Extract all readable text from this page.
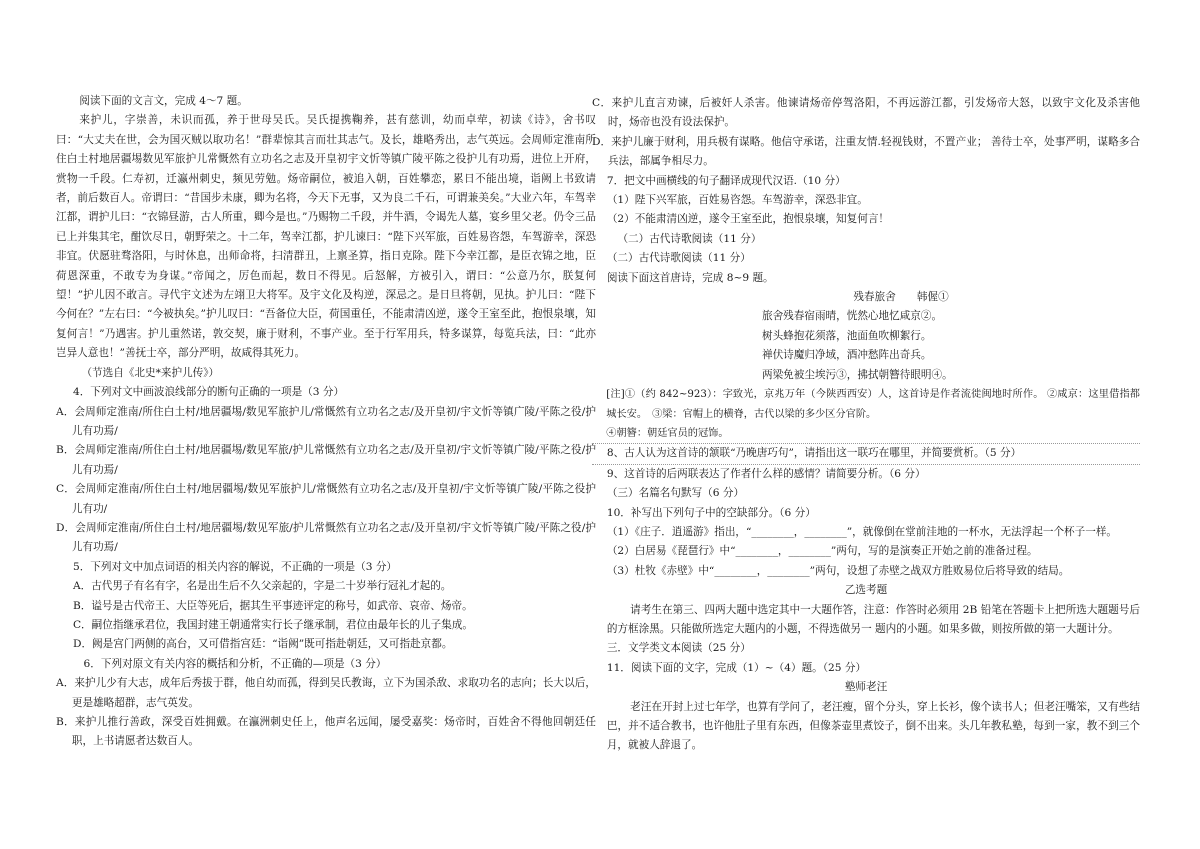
阅读下面的文言文，完成 4～7 题。

来护儿，字崇善，未识而孤，养于世母吴氏。吴氏提携鞠养，甚有慈训，幼而卓荦，初读《诗》，舍书叹曰：“大丈夫在世，会为国灭贼以取功名！”群辈惊其言而壮其志气。及长，雄略秀出，志气英远。会周师定淮南所住白土村地居疆埸数见军旅护儿常慨然有立功名之志及开皇初宇文忻等镇广陵平陈之役护儿有功焉，进位上开府，赏物一千段。仁寿初，迁瀛州刺史，频见劳勉。炀帝嗣位，被追入朝，百姓攀恋，累日不能出境，诣阙上书致请者，前后数百人。帝谓曰：“昔国步未康，卿为名将，今天下无事，又为良二千石，可谓兼美矣。”大业六年，车驾幸江都，谓护儿曰：“衣锦昼游，古人所重，卿今是也。”乃赐物二千段，并牛酒，令谒先人墓，宴乡里父老。仍令三品已上并集其宅，酣饮尽日，朝野荣之。十二年，驾幸江都，护儿谏曰：“陛下兴军旅，百姓易咨怨，车驾游幸，深恐非宜。伏愿驻骛洛阳，与时休息，出师命将，扫清群丑，上禀圣算，指日克除。陛下今幸江都，是臣衣锦之地，臣荷恩深重，不敢专为身谋。”帝闻之，厉色而起，数日不得见。后怒解，方被引入，谓曰：“公意乃尔，朕复何望！”护儿因不敢言。寻代宇文述为左翊卫大将军。及宇文化及构逆，深忌之。是日旦将朝，见执。护儿曰：“陛下今何在？”左右曰：“今被执矣。”护儿叹曰：“吾备位大臣，荷国重任，不能肃清凶逆，遂令王室至此，抱恨泉壤，知复何言！”乃遇害。护儿重然诺，敦交契，廉于财利，不事产业。至于行军用兵，特多谋算，每览兵法，曰：“此亦岂异人意也！”善抚士卒，部分严明，故咸得其死力。

（节选自《北史*来护儿传》）

4．下列对文中画波浪线部分的断句正确的一项是（3 分）

A．会周师定淮南/所住白土村/地居疆埸/数见军旅护儿/常慨然有立功名之志/及开皇初/宇文忻等镇广陵/平陈之役/护儿有功焉/

B．会周师定淮南/所住白土村/地居疆埸/数见军旅/护儿常慨然有立功名之志/及开皇初/宇文忻等镇广陵/平陈之役/护儿有功焉/

C．会周师定淮南/所住白土村/地居疆埸/数见军旅护儿/常慨然有立功名之志/及开皇初/宇文忻等镇广陵/平陈之役护儿有功/

D．会周师定淮南/所住白土村/地居疆埸/数见军旅/护儿常慨然有立功名之志/及开皇初/宇文忻等镇广陵/平陈之役/护儿有功焉/

5．下列对文中加点词语的相关内容的解说，不正确的一项是（3 分）

A．古代男子有名有字，名是出生后不久父亲起的，字是二十岁举行冠礼才起的。

B．谥号是古代帝王、大臣等死后，据其生平事迹评定的称号，如武帝、哀帝、炀帝。

C．嗣位指继承君位，我国封建王朝通常实行长子继承制，君位由最年长的儿子集成。

D．阙是宫门两侧的高台，又可借指宫廷：“诣阙”既可指赴朝廷，又可指赴京都。

6．下列对原文有关内容的概括和分析，不正确的—项是（3 分）

A．来护儿少有大志，成年后秀拔于群，他自幼而孤，得到吴氏教诲，立下为国杀敌、求取功名的志向；长大以后，更是雄略超群，志气英发。

B．来护儿推行善政，深受百姓拥戴。在瀛洲刺史任上，他声名远闻，屡受嘉奖：炀帝时，百姓舍不得他回朝廷任职，上书请愿者达数百人。

C．来护儿直言劝谏，后被奸人杀害。他谏请炀帝停驾洛阳，不再远游江都，引发炀帝大怒，以致宇文化及杀害他时，炀帝也没有设法保护。

D．来护儿廉于财利，用兵极有谋略。他信守承诺，注重友情.轻视钱财，不置产业； 善待士卒，处事严明，谋略多合兵法，部属争相尽力。

7．把文中画横线的句子翻译成现代汉语.（10 分）

（1）陛下兴军旅，百姓易咨怨。车驾游幸，深恐非宜。

（2）不能肃清凶逆，遂令王室至此，抱恨泉壤，知复何言！

（二）古代诗歌阅读（11 分）

（二）古代诗歌阅读（11 分）

阅读下面这首唐诗，完成 8~9 题。

残春旅舍　　韩偓①

旅舍残春宿雨晴，恍然心地忆咸京②。

树头蜂抱花须落，池面鱼吹柳絮行。

禅伏诗魔归净域，酒冲愁阵出奇兵。

两梁免被尘埃污③，拂拭朝簪待眼明④。

[注]①（约 842~923）：字致光，京兆万年（今陕西西安）人，这首诗是作者流徙闽地时所作。 ②咸京：这里借指都城长安。　③梁：官帽上的横脊，古代以梁的多少区分官阶。

④朝簪：朝廷官员的冠饰。

8、古人认为这首诗的颔联“乃晚唐巧句”，请指出这一联巧在哪里，并简要赏析。（5 分）

9、这首诗的后两联表达了作者什么样的感情？请简要分析。（6 分）

（三）名篇名句默写（6 分）

10．补写出下列句子中的空缺部分。（6 分）

（1）《庄子．逍遥游》指出，“________，________”，就像倒在堂前洼地的一杯水，无法浮起一个杯子一样。

（2）白居易《琵琶行》中“________，________”两句，写的是演奏正开始之前的准备过程。

（3）杜牧《赤壁》中“________，________”两句，设想了赤壁之战双方胜败易位后将导致的结局。

乙选考题

请考生在第三、四两大题中选定其中一大题作答，注意：作答时必须用 2B 铅笔在答题卡上把所选大题题号后的方框涂黑。只能做所选定大题内的小题，不得选做另一 题内的小题。如果多做，则按所做的第一大题计分。

三．文学类文本阅读（25 分）

11．阅读下面的文字，完成（1）~（4）题。（25 分）

塾师老汪

老汪在开封上过七年学，也算有学问了，老汪瘦，留个分头，穿上长衫，像个读书人；但老汪嘴笨，又有些结巴，并不适合教书，也许他肚子里有东西，但像茶壶里煮饺子，倒不出来。头几年教私塾，每到一家，教不到三个月，就被人辞退了。
